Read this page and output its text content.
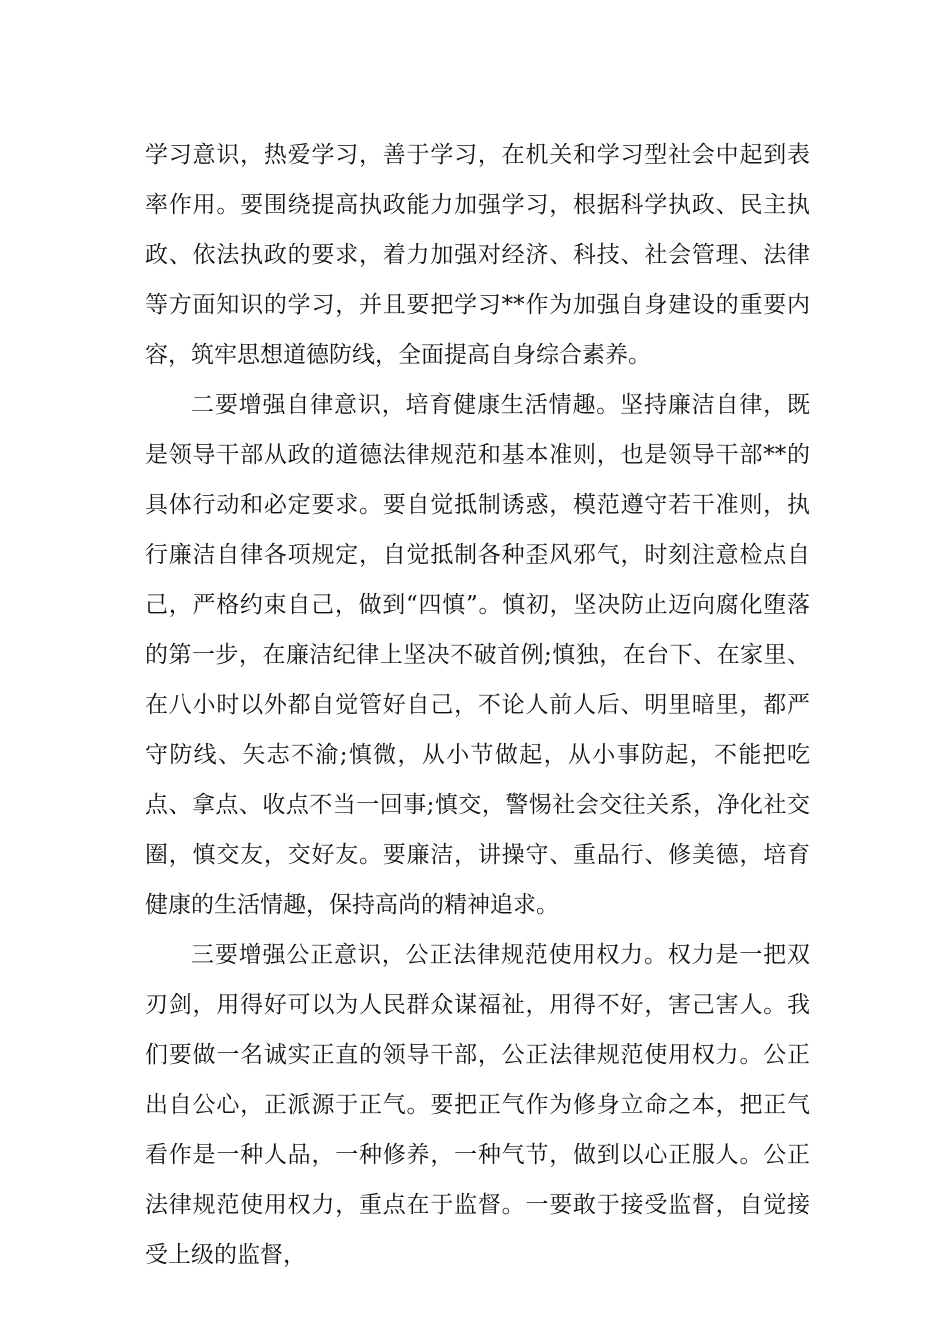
学习意识，热爱学习，善于学习，在机关和学习型社会中起到表率作用。要围绕提高执政能力加强学习，根据科学执政、民主执政、依法执政的要求，着力加强对经济、科技、社会管理、法律等方面知识的学习，并且要把学习**作为加强自身建设的重要内容，筑牢思想道德防线，全面提高自身综合素养。

二要增强自律意识，培育健康生活情趣。坚持廉洁自律，既是领导干部从政的道德法律规范和基本准则，也是领导干部**的具体行动和必定要求。要自觉抵制诱惑，模范遵守若干准则，执行廉洁自律各项规定，自觉抵制各种歪风邪气，时刻注意检点自己，严格约束自己，做到“四慎”。慎初，坚决防止迈向腐化堕落的第一步，在廉洁纪律上坚决不破首例;慎独，在台下、在家里、在八小时以外都自觉管好自己，不论人前人后、明里暗里，都严守防线、矢志不渝;慎微，从小节做起，从小事防起，不能把吃点、拿点、收点不当一回事;慎交，警惕社会交往关系，净化社交圈，慎交友，交好友。要廉洁，讲操守、重品行、修美德，培育健康的生活情趣，保持高尚的精神追求。

三要增强公正意识，公正法律规范使用权力。权力是一把双刃剑，用得好可以为人民群众谋福祉，用得不好，害己害人。我们要做一名诚实正直的领导干部，公正法律规范使用权力。公正出自公心，正派源于正气。要把正气作为修身立命之本，把正气看作是一种人品，一种修养，一种气节，做到以心正服人。公正法律规范使用权力，重点在于监督。一要敢于接受监督，自觉接受上级的监督，
